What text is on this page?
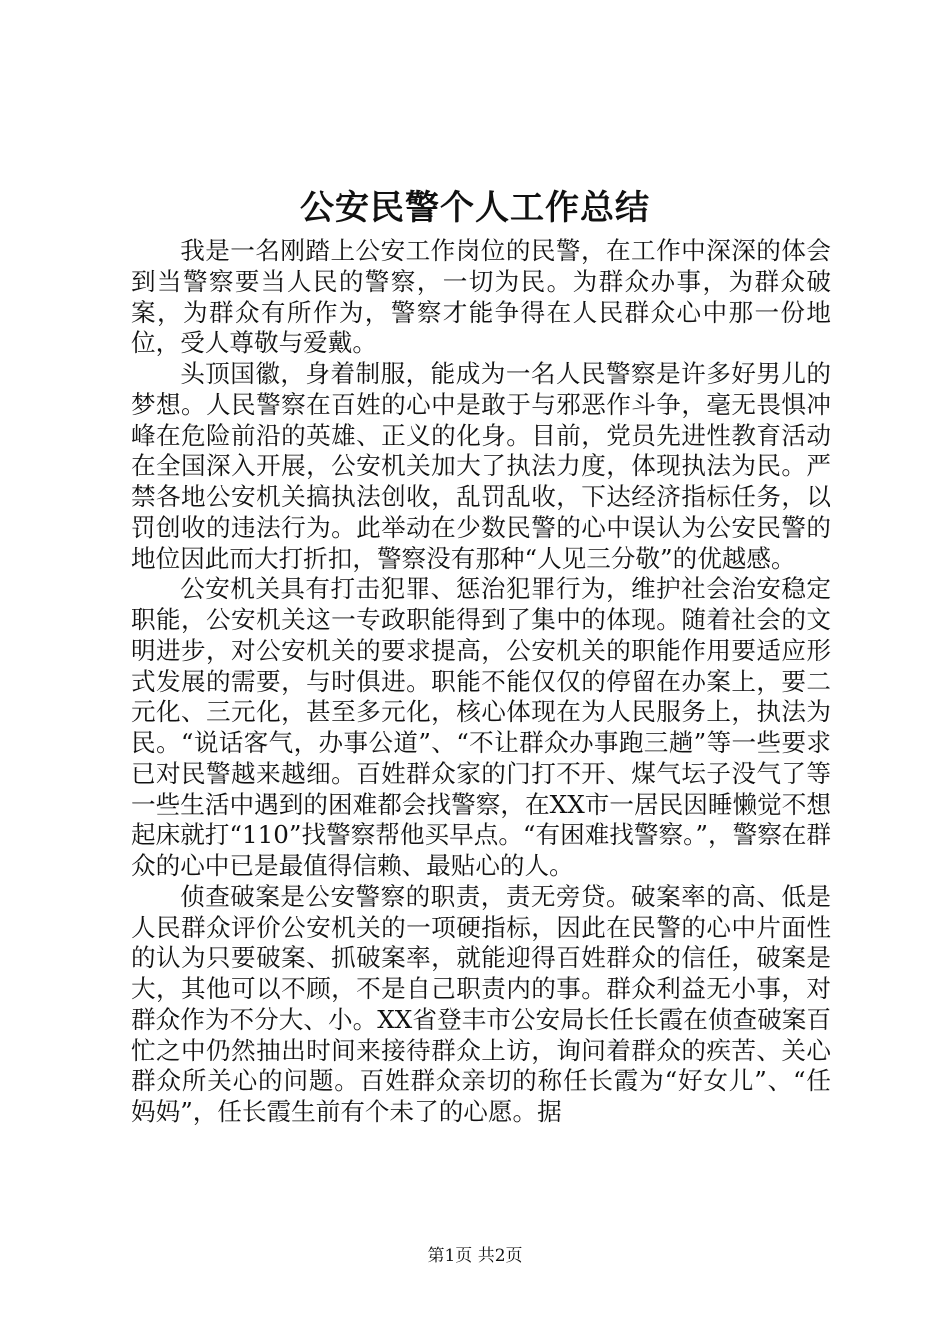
公安民警个人工作总结

我是一名刚踏上公安工作岗位的民警，在工作中深深的体会到当警察要当人民的警察，一切为民。为群众办事，为群众破案，为群众有所作为，警察才能争得在人民群众心中那一份地位，受人尊敬与爱戴。

头顶国徽，身着制服，能成为一名人民警察是许多好男儿的梦想。人民警察在百姓的心中是敢于与邪恶作斗争，毫无畏惧冲峰在危险前沿的英雄、正义的化身。目前，党员先进性教育活动在全国深入开展，公安机关加大了执法力度，体现执法为民。严禁各地公安机关搞执法创收，乱罚乱收，下达经济指标任务，以罚创收的违法行为。此举动在少数民警的心中误认为公安民警的地位因此而大打折扣，警察没有那种“人见三分敬”的优越感。

公安机关具有打击犯罪、惩治犯罪行为，维护社会治安稳定职能，公安机关这一专政职能得到了集中的体现。随着社会的文明进步，对公安机关的要求提高，公安机关的职能作用要适应形式发展的需要，与时俱进。职能不能仅仅的停留在办案上，要二元化、三元化，甚至多元化，核心体现在为人民服务上，执法为民。“说话客气，办事公道”、“不让群众办事跑三趟”等一些要求已对民警越来越细。百姓群众家的门打不开、煤气坛子没气了等一些生活中遇到的困难都会找警察，在XX市一居民因睡懒觉不想起床就打“110”找警察帮他买早点。“有困难找警察。”，警察在群众的心中已是最值得信赖、最贴心的人。

侦查破案是公安警察的职责，责无旁贷。破案率的高、低是人民群众评价公安机关的一项硬指标，因此在民警的心中片面性的认为只要破案、抓破案率，就能迎得百姓群众的信任，破案是大，其他可以不顾，不是自己职责内的事。群众利益无小事，对群众作为不分大、小。XX省登丰市公安局长任长霞在侦查破案百忙之中仍然抽出时间来接待群众上访，询问着群众的疾苦、关心群众所关心的问题。百姓群众亲切的称任长霞为“好女儿”、“任妈妈”，任长霞生前有个未了的心愿。据

第1页 共2页
